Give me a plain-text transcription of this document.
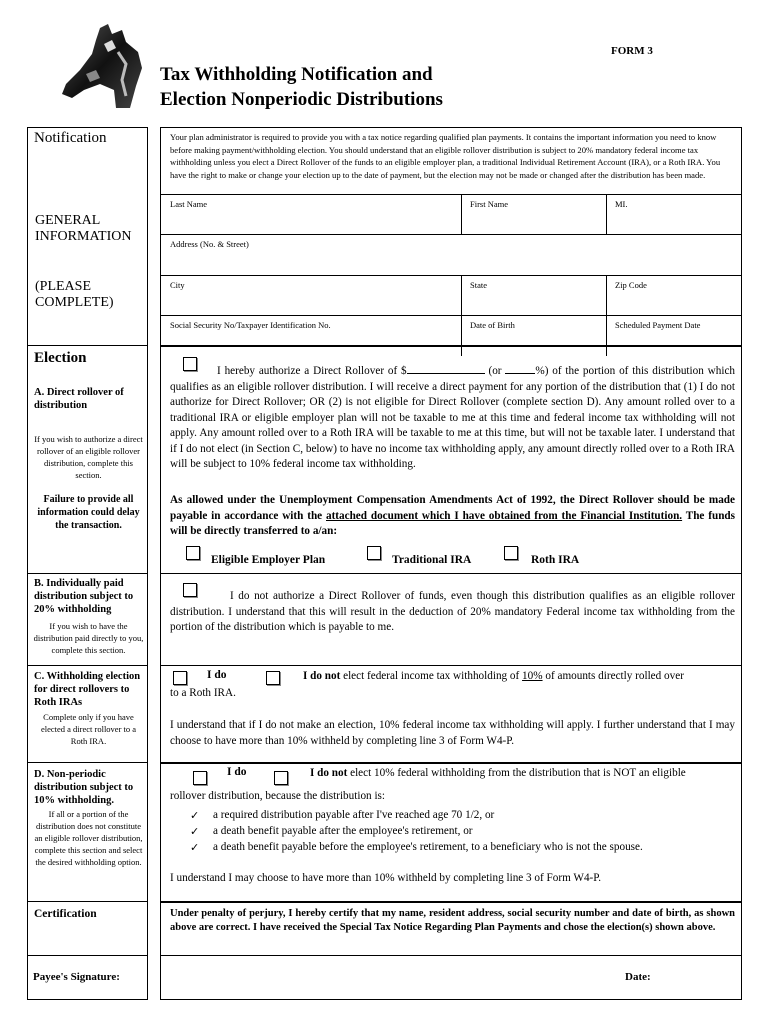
FORM 3
Tax Withholding Notification and
Election Nonperiodic Distributions
Notification
GENERAL
INFORMATION
(PLEASE
COMPLETE)
Election
A. Direct rollover of distribution
If you wish to authorize a direct rollover of an eligible rollover distribution, complete this section.
Failure to provide all information could delay the transaction.
B. Individually paid distribution subject to 20% withholding
If you wish to have the distribution paid directly to you, complete this section.
C. Withholding election for direct rollovers to Roth IRAs
Complete only if you have elected a direct rollover to a Roth IRA.
D. Non-periodic distribution subject to 10% withholding.
If all or a portion of the distribution does not constitute an eligible rollover distribution, complete this section and select the desired withholding option.
Certification
Your plan administrator is required to provide you with a tax notice regarding qualified plan payments. It contains the important information you need to know before making payment/withholding election. You should understand that an eligible rollover distribution is subject to 20% mandatory federal income tax withholding unless you elect a Direct Rollover of the funds to an eligible employer plan, a traditional Individual Retirement Account (IRA), or a Roth IRA. You have the right to make or change your election up to the date of payment, but the election may not be made or changed after the distribution has been made.
Last Name	First Name	MI.
Address (No. & Street)
City	State	Zip Code
Social Security No/Taxpayer Identification No.	Date of Birth	Scheduled Payment Date
I hereby authorize a Direct Rollover of $	(or	%) of the portion of this distribution which qualifies as an eligible rollover distribution. I will receive a direct payment for any portion of the distribution that (1) I do not authorize for Direct Rollover; OR (2) is not eligible for Direct Rollover (complete section D). Any amount rolled over to a traditional IRA or eligible employer plan will not be taxable to me at this time and federal income tax withholding will not apply. Any amount rolled over to a Roth IRA will be taxable to me at this time, but will not be taxable later. I understand that if I do not elect (in Section C, below) to have no income tax withholding apply, any amount directly rolled over to a Roth IRA will be subject to 10% federal income tax withholding.
As allowed under the Unemployment Compensation Amendments Act of 1992, the Direct Rollover should be made payable in accordance with the attached document which I have obtained from the Financial Institution. The funds will be directly transferred to a/an:
Eligible Employer Plan	Traditional IRA	Roth IRA
I do not authorize a Direct Rollover of funds, even though this distribution qualifies as an eligible rollover distribution. I understand that this will result in the deduction of 20% mandatory Federal income tax withholding from the portion of the distribution which is payable to me.
I do	I do not elect federal income tax withholding of 10% of amounts directly rolled over
to a Roth IRA.
I understand that if I do not make an election, 10% federal income tax withholding will apply. I further understand that I may choose to have more than 10% withheld by completing line 3 of Form W4-P.
I do	I do not elect 10% federal withholding from the distribution that is NOT an eligible
rollover distribution, because the distribution is:
✓ a required distribution payable after I've reached age 70 1/2, or
✓ a death benefit payable after the employee's retirement, or
✓ a death benefit payable before the employee's retirement, to a beneficiary who is not the spouse.
I understand I may choose to have more than 10% withheld by completing line 3 of Form W4-P.
Under penalty of perjury, I hereby certify that my name, resident address, social security number and date of birth, as shown above are correct. I have received the Special Tax Notice Regarding Plan Payments and chose the election(s) shown above.
Payee's Signature:	Date:
